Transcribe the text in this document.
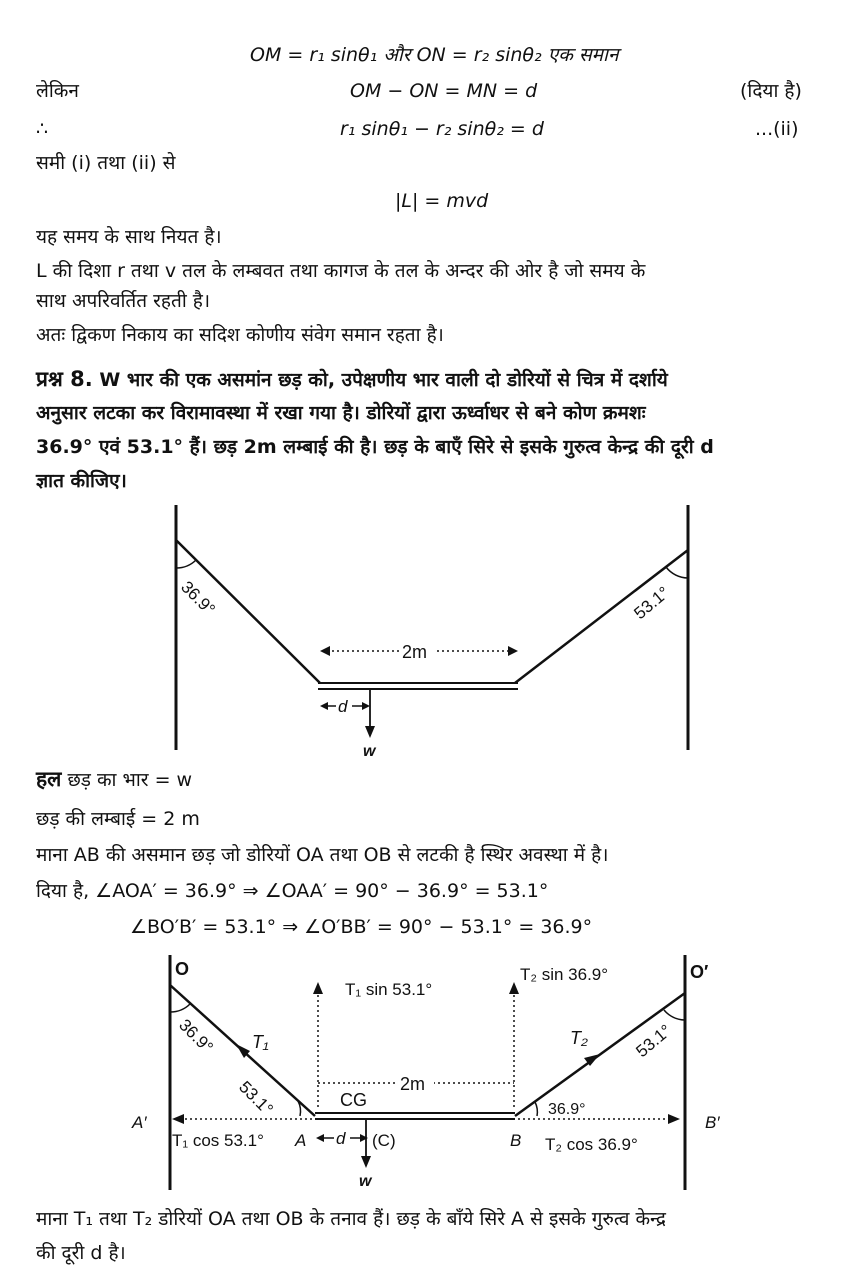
OM = r₁ sinθ₁ और ON = r₂ sinθ₂ एक समान
लेकिन	OM − ON = MN = d	(दिया है)
∴	r₁ sinθ₁ − r₂ sinθ₂ = d	...(ii)
समी (i) तथा (ii) से
|L| = mvd
यह समय के साथ नियत है।
L की दिशा r तथा v तल के लम्बवत तथा कागज के तल के अन्दर की ओर है जो समय के
साथ अपरिवर्तित रहती है।
अतः द्विकण निकाय का सदिश कोणीय संवेग समान रहता है।
प्रश्न 8. W भार की एक असमांन छड़ को, उपेक्षणीय भार वाली दो डोरियों से चित्र में दर्शाये
अनुसार लटका कर विरामावस्था में रखा गया है। डोरियों द्वारा ऊर्ध्वाधर से बने कोण क्रमशः
36.9° एवं 53.1° हैं। छड़ 2m लम्बाई की है। छड़ के बाएँ सिरे से इसके गुरुत्व केन्द्र की दूरी d
ज्ञात कीजिए।
36.9°	53.1°
2m
d
w
हल छड़ का भार = w
छड़ की लम्बाई = 2 m
माना AB की असमान छड़ जो डोरियों OA तथा OB से लटकी है स्थिर अवस्था में है।
दिया है, ∠AOA′ = 36.9° ⇒ ∠OAA′ = 90° − 36.9° = 53.1°
∠BO′B′ = 53.1° ⇒ ∠O′BB′ = 90° − 53.1° = 36.9°
O	O′
36.9°
53.1°
53.1°
36.9°
T₁	T₂
T₁ sin 53.1°
T₂ sin 36.9°
2m
CG
A′
T₁ cos 53.1° A
B′
B T₂ cos 36.9°
d (C)
w
माना T₁ तथा T₂ डोरियों OA तथा OB के तनाव हैं। छड़ के बाँये सिरे A से इसके गुरुत्व केन्द्र
की दूरी d है।
